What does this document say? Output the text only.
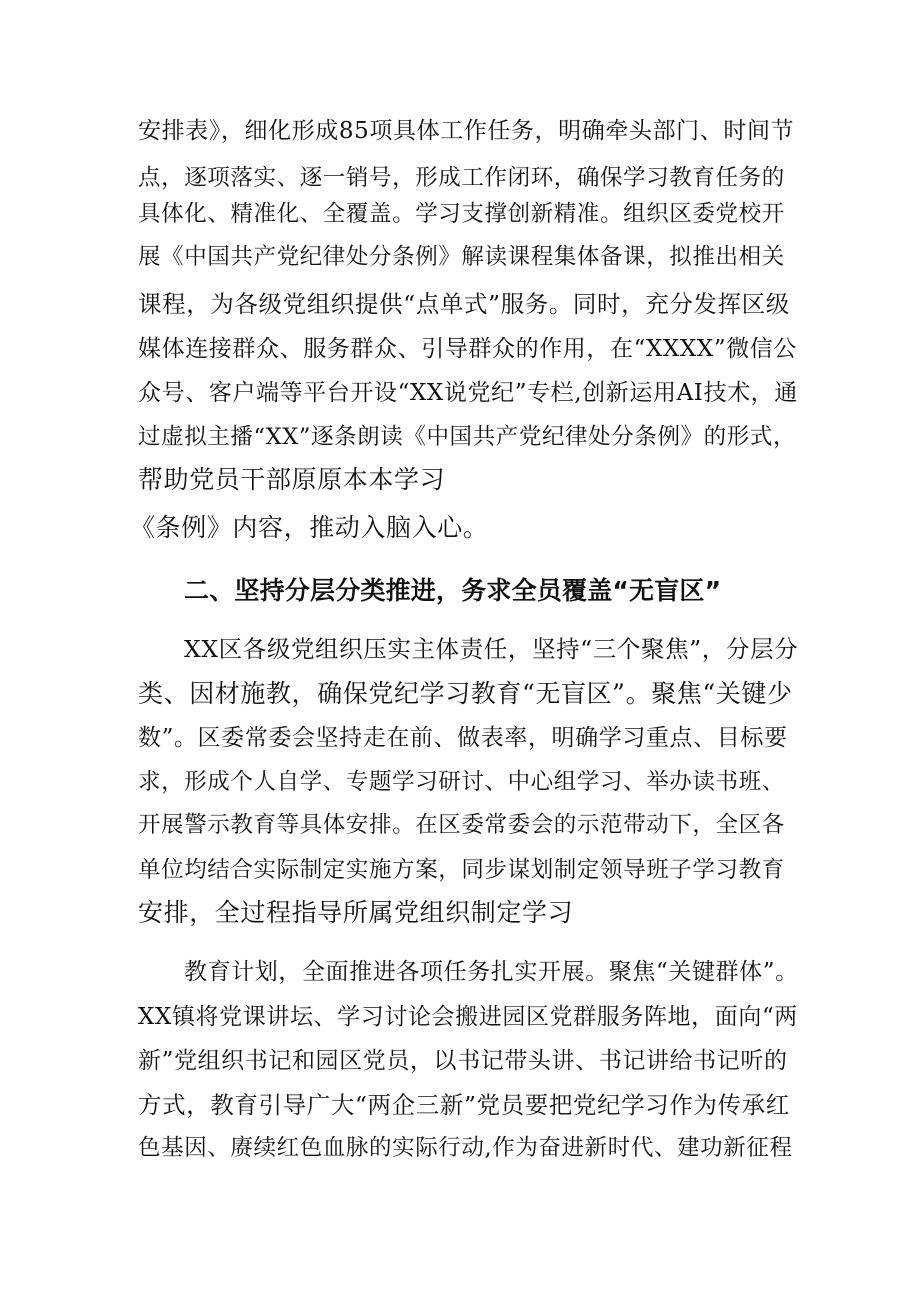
安排表》，细化形成85项具体工作任务，明确牵头部门、时间节
点，逐项落实、逐一销号，形成工作闭环，确保学习教育任务的
具体化、精准化、全覆盖。学习支撑创新精准。组织区委党校开
展《中国共产党纪律处分条例》解读课程集体备课，拟推出相关
课程，为各级党组织提供“点单式”服务。同时，充分发挥区级
媒体连接群众、服务群众、引导群众的作用，在“XXXX”微信公
众号、客户端等平台开设“XX说党纪”专栏,创新运用AI技术，通
过虚拟主播“XX”逐条朗读《中国共产党纪律处分条例》的形式，
帮助党员干部原原本本学习
《条例》内容，推动入脑入心。
二、坚持分层分类推进，务求全员覆盖“无盲区”
XX区各级党组织压实主体责任，坚持“三个聚焦”，分层分
类、因材施教，确保党纪学习教育“无盲区”。聚焦“关键少
数”。区委常委会坚持走在前、做表率，明确学习重点、目标要
求，形成个人自学、专题学习研讨、中心组学习、举办读书班、
开展警示教育等具体安排。在区委常委会的示范带动下，全区各
单位均结合实际制定实施方案，同步谋划制定领导班子学习教育
安排，全过程指导所属党组织制定学习
教育计划，全面推进各项任务扎实开展。聚焦“关键群体”。
XX镇将党课讲坛、学习讨论会搬进园区党群服务阵地，面向“两
新”党组织书记和园区党员，以书记带头讲、书记讲给书记听的
方式，教育引导广大“两企三新”党员要把党纪学习作为传承红
色基因、赓续红色血脉的实际行动,作为奋进新时代、建功新征程
